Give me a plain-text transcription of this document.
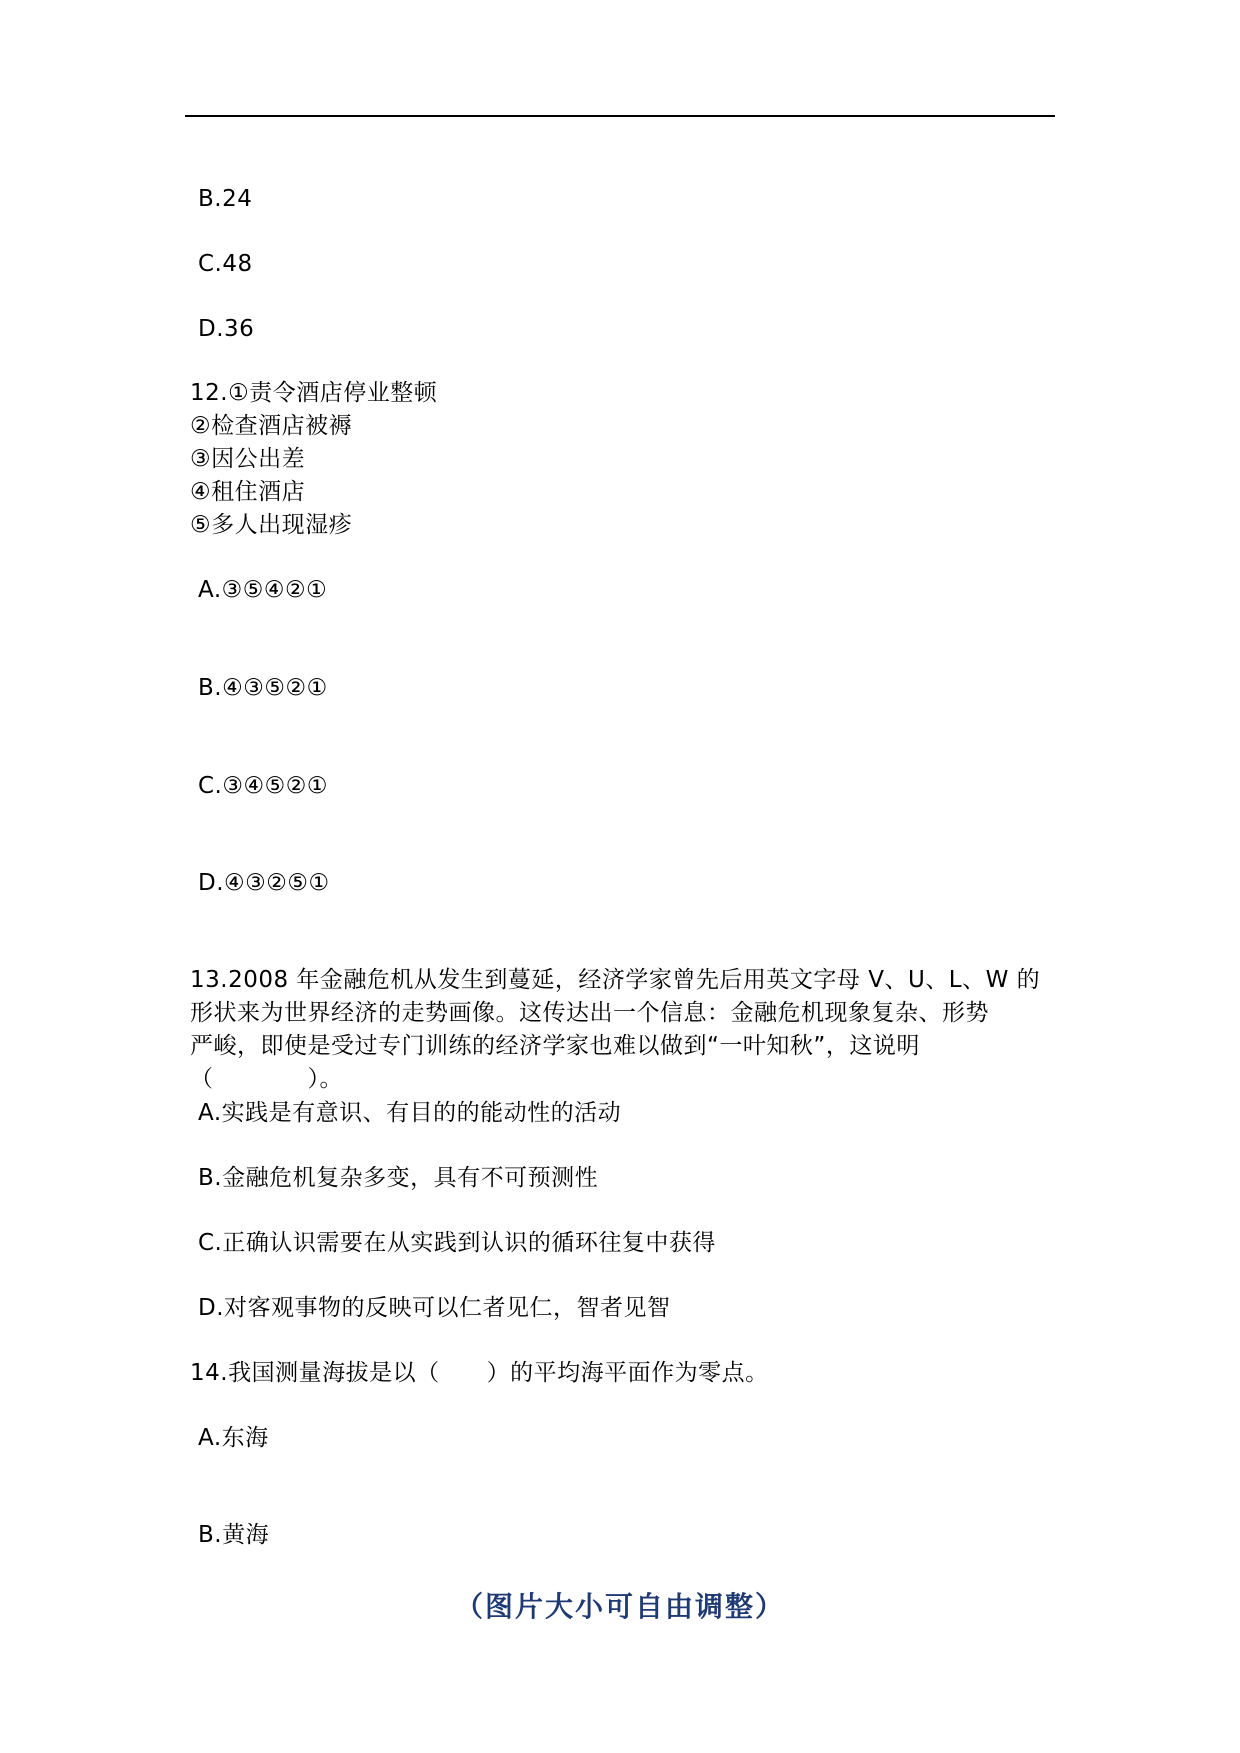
B.24
C.48
D.36
12.①责令酒店停业整顿
②检查酒店被褥
③因公出差
④租住酒店
⑤多人出现湿疹
A.③⑤④②①
B.④③⑤②①
C.③④⑤②①
D.④③②⑤①
13.2008 年金融危机从发生到蔓延，经济学家曾先后用英文字母 V、U、L、W 的
形状来为世界经济的走势画像。这传达出一个信息：金融危机现象复杂、形势
严峻，即使是受过专门训练的经济学家也难以做到“一叶知秋”，这说明
（　　　　）。
A.实践是有意识、有目的的能动性的活动
B.金融危机复杂多变，具有不可预测性
C.正确认识需要在从实践到认识的循环往复中获得
D.对客观事物的反映可以仁者见仁，智者见智
14.我国测量海拔是以（　　）的平均海平面作为零点。
A.东海
B.黄海
（图片大小可自由调整）
